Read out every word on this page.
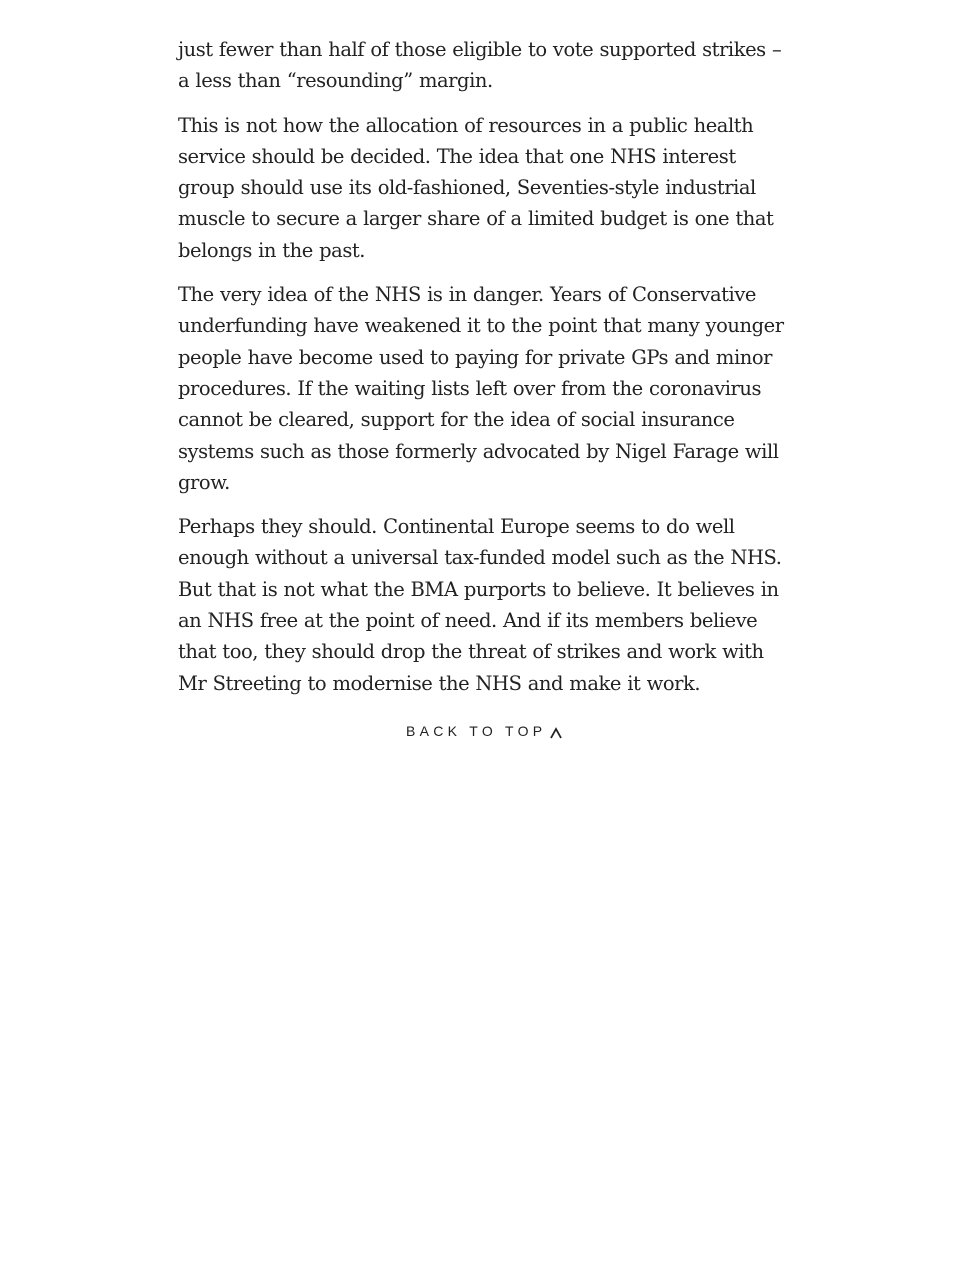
just fewer than half of those eligible to vote supported strikes – a less than “resounding” margin.

This is not how the allocation of resources in a public health service should be decided. The idea that one NHS interest group should use its old-fashioned, Seventies-style industrial muscle to secure a larger share of a limited budget is one that belongs in the past.

The very idea of the NHS is in danger. Years of Conservative underfunding have weakened it to the point that many younger people have become used to paying for private GPs and minor procedures. If the waiting lists left over from the coronavirus cannot be cleared, support for the idea of social insurance systems such as those formerly advocated by Nigel Farage will grow.

Perhaps they should. Continental Europe seems to do well enough without a universal tax-funded model such as the NHS. But that is not what the BMA purports to believe. It believes in an NHS free at the point of need. And if its members believe that too, they should drop the threat of strikes and work with Mr Streeting to modernise the NHS and make it work.

BACK TO TOP
